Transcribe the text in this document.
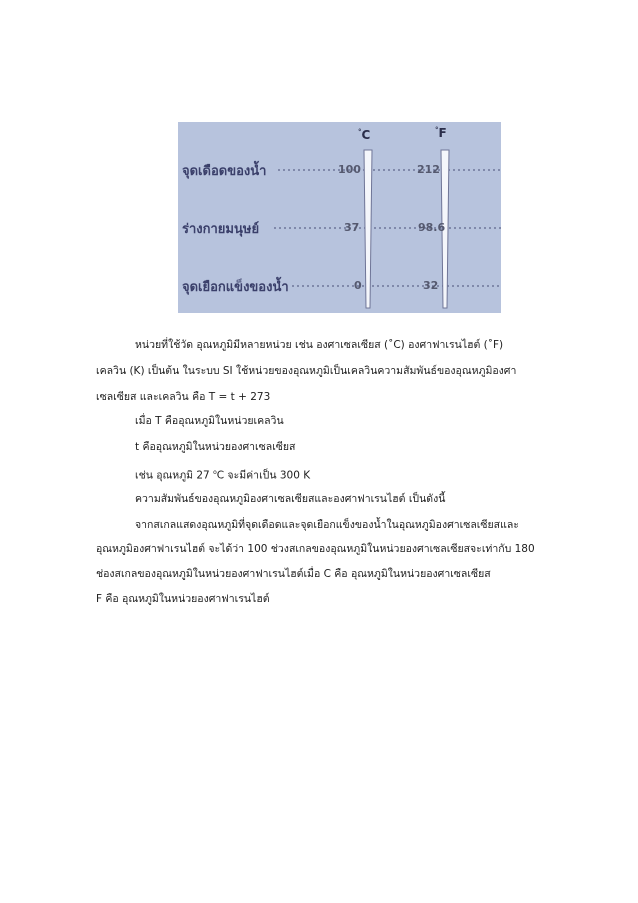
°C	°F
จุดเดือดของน้ำ	100	212
ร่างกายมนุษย์	37	98.6
จุดเยือกแข็งของน้ำ	0	32
หน่วยที่ใช้วัด อุณหภูมิมีหลายหน่วย เช่น องศาเซลเซียส (˚C) องศาฟาเรนไฮต์ (˚F)
เคลวิน (K) เป็นต้น ในระบบ SI ใช้หน่วยของอุณหภูมิเป็นเคลวินความสัมพันธ์ของอุณหภูมิองศา
เซลเซียส และเคลวิน คือ T = t + 273
เมื่อ T คืออุณหภูมิในหน่วยเคลวิน
t คืออุณหภูมิในหน่วยองศาเซลเซียส
เช่น อุณหภูมิ 27 $^o$C จะมีค่าเป็น 300 K
ความสัมพันธ์ของอุณหภูมิองศาเซลเซียสและองศาฟาเรนไฮต์ เป็นดังนี้
จากสเกลแสดงอุณหภูมิที่จุดเดือดและจุดเยือกแข็งของน้ำในอุณหภูมิองศาเซลเซียสและ
อุณหภูมิองศาฟาเรนไฮต์ จะได้ว่า 100 ช่วงสเกลของอุณหภูมิในหน่วยองศาเซลเซียสจะเท่ากับ 180
ช่องสเกลของอุณหภูมิในหน่วยองศาฟาเรนไฮต์เมื่อ C คือ อุณหภูมิในหน่วยองศาเซลเซียส
F คือ อุณหภูมิในหน่วยองศาฟาเรนไฮต์
